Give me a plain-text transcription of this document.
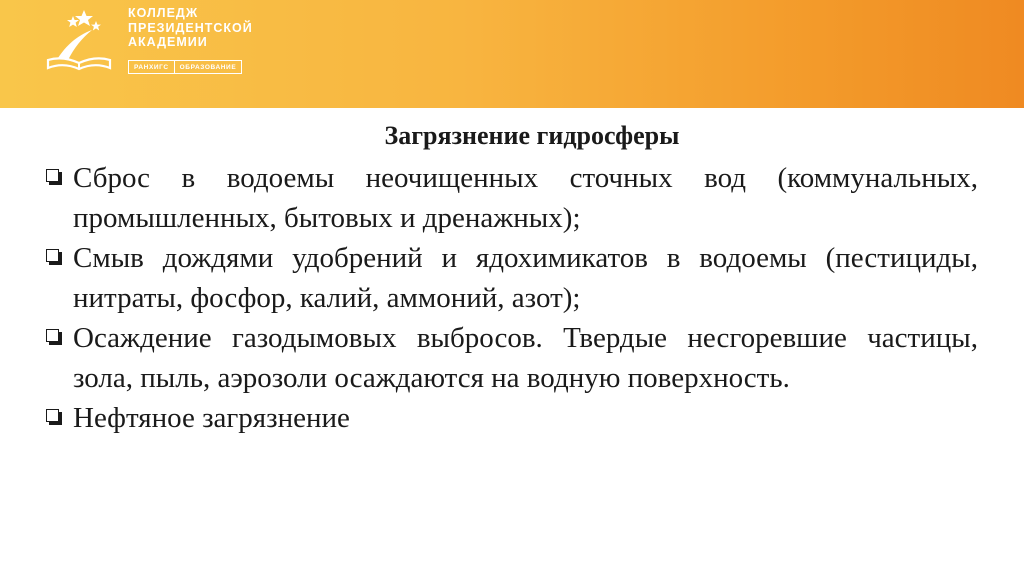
КОЛЛЕДЖ
ПРЕЗИДЕНТСКОЙ
АКАДЕМИИ
РАНХИГС	ОБРАЗОВАНИЕ
Загрязнение гидросферы
Сброс в водоемы неочищенных сточных вод (коммунальных, промышленных, бытовых и дренажных);
Смыв дождями удобрений и ядохимикатов в водоемы (пестициды, нитраты, фосфор, калий, аммоний, азот);
Осаждение газодымовых выбросов. Твердые несгоревшие частицы, зола, пыль, аэрозоли осаждаются на водную поверхность.
Нефтяное загрязнение
